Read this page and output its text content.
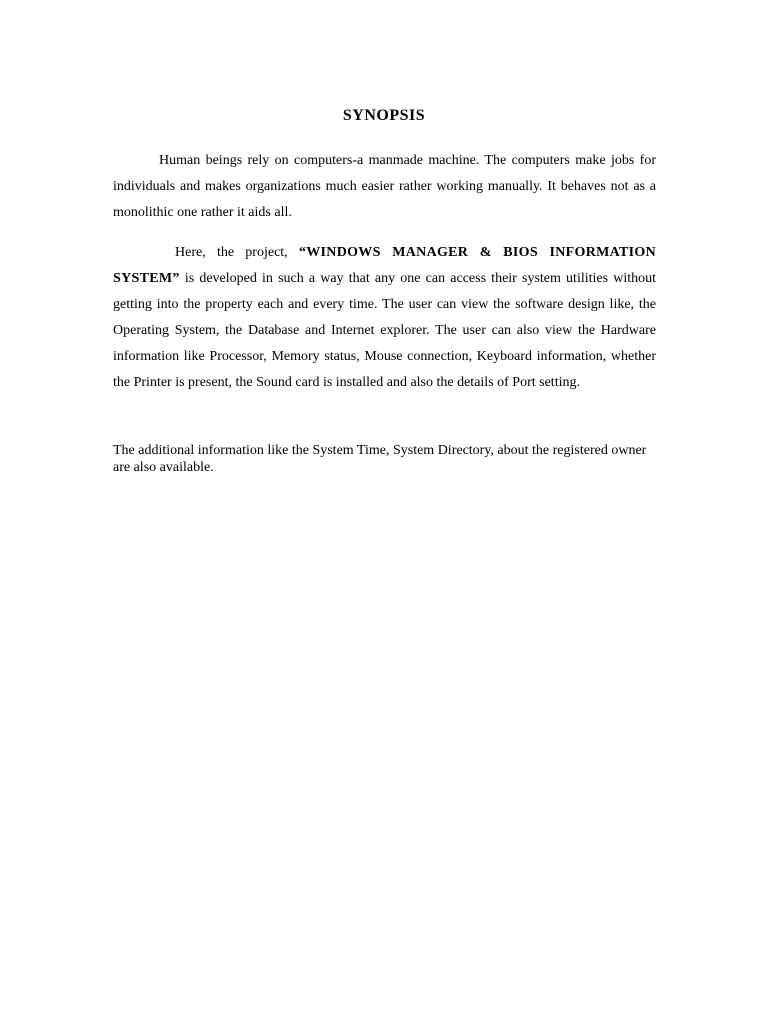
SYNOPSIS

Human beings rely on computers-a manmade machine. The computers make jobs for individuals and makes organizations much easier rather working manually. It behaves not as a monolithic one rather it aids all.

Here, the project, “WINDOWS MANAGER & BIOS INFORMATION SYSTEM” is developed in such a way that any one can access their system utilities without getting into the property each and every time. The user can view the software design like, the Operating System, the Database and Internet explorer. The user can also view the Hardware information like Processor, Memory status, Mouse connection, Keyboard information, whether the Printer is present, the Sound card is installed and also the details of Port setting.

The additional information like the System Time, System Directory, about the registered owner are also available.
